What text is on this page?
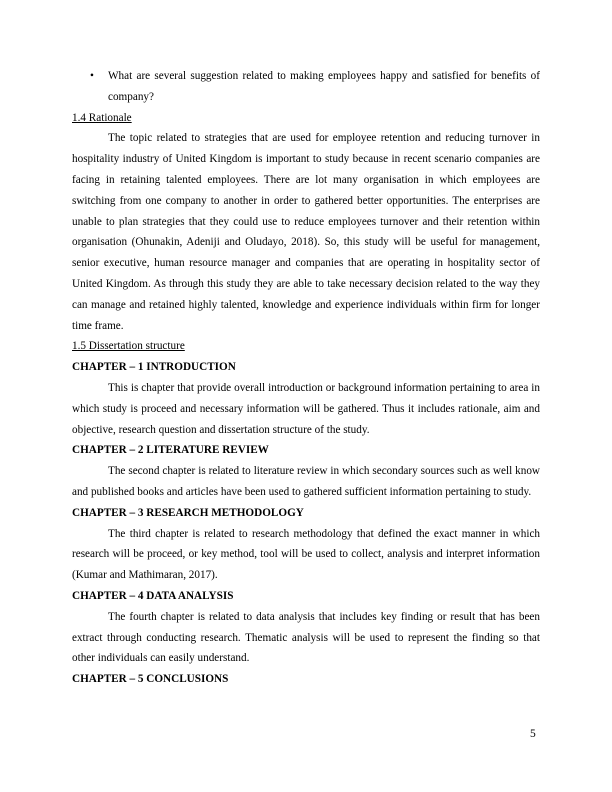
• What are several suggestion related to making employees happy and satisfied for benefits of company?
1.4 Rationale

The topic related to strategies that are used for employee retention and reducing turnover in hospitality industry of United Kingdom is important to study because in recent scenario companies are facing in retaining talented employees. There are lot many organisation in which employees are switching from one company to another in order to gathered better opportunities. The enterprises are unable to plan strategies that they could use to reduce employees turnover and their retention within organisation (Ohunakin, Adeniji and Oludayo, 2018). So, this study will be useful for management, senior executive, human resource manager and companies that are operating in hospitality sector of United Kingdom. As through this study they are able to take necessary decision related to the way they can manage and retained highly talented, knowledge and experience individuals within firm for longer time frame.

1.5 Dissertation structure
CHAPTER – 1 INTRODUCTION

This is chapter that provide overall introduction or background information pertaining to area in which study is proceed and necessary information will be gathered. Thus it includes rationale, aim and objective, research question and dissertation structure of the study.

CHAPTER – 2 LITERATURE REVIEW

The second chapter is related to literature review in which secondary sources such as well know and published books and articles have been used to gathered sufficient information pertaining to study.

CHAPTER – 3 RESEARCH METHODOLOGY

The third chapter is related to research methodology that defined the exact manner in which research will be proceed, or key method, tool will be used to collect, analysis and interpret information (Kumar and Mathimaran, 2017).

CHAPTER – 4 DATA ANALYSIS

The fourth chapter is related to data analysis that includes key finding or result that has been extract through conducting research. Thematic analysis will be used to represent the finding so that other individuals can easily understand.

CHAPTER – 5 CONCLUSIONS
5
